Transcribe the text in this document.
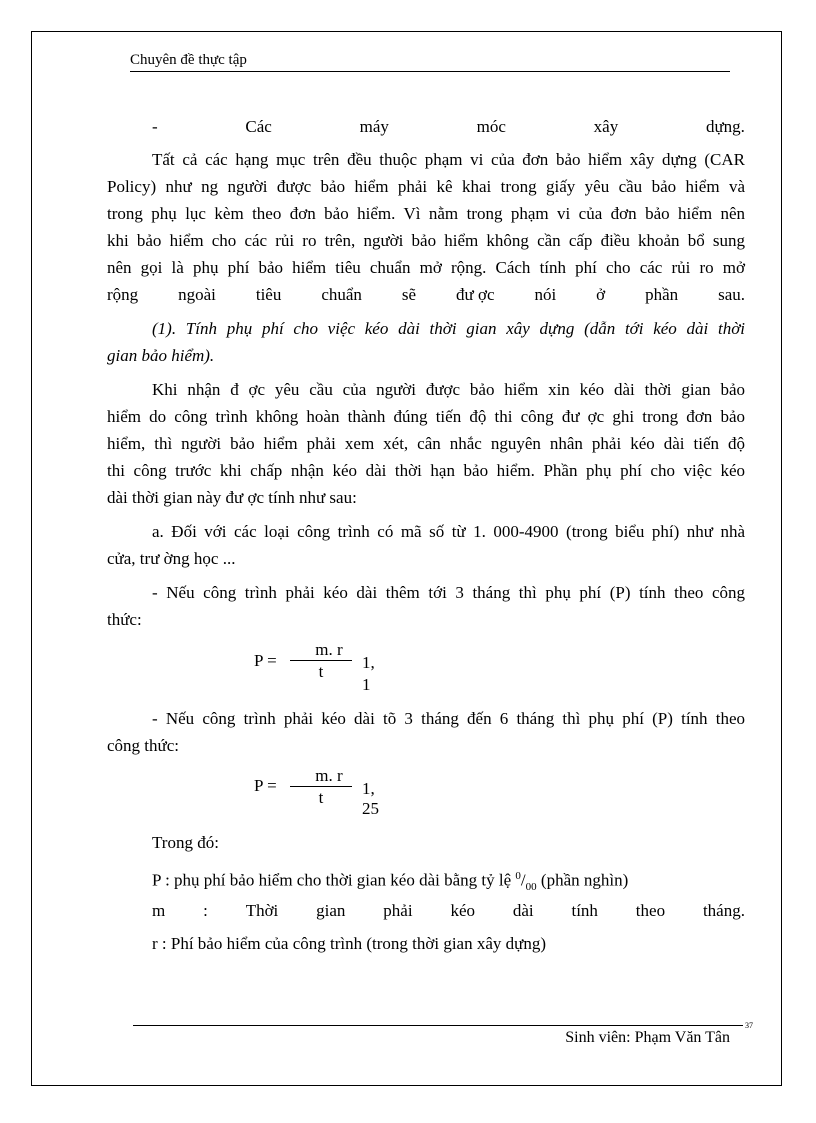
Chuyên đề thực tập
-	Các	máy	móc	xây	dựng.
Tất cả các hạng mục trên đều thuộc phạm vi của đơn bảo hiểm xây dựng (CAR
Policy) như ng người được bảo hiểm phải kê khai trong giấy yêu cầu bảo hiểm và
trong phụ lục kèm theo đơn bảo hiểm. Vì nằm trong phạm vi của đơn bảo hiểm nên
khi bảo hiểm cho các rủi ro trên, người bảo hiểm không cần cấp điều khoản bổ sung
nên gọi là phụ phí bảo hiểm tiêu chuẩn mở rộng. Cách tính phí cho các rủi ro mở
rộng ngoài tiêu chuẩn sẽ đư ợc nói ở phần sau.
(1). Tính phụ phí cho việc kéo dài thời gian xây dựng (dẫn tới kéo dài thời
gian bảo hiểm).
Khi nhận đ ợc yêu cầu của người được bảo hiểm xin kéo dài thời gian bảo
hiểm do công trình không hoàn thành đúng tiến độ thi công đư ợc ghi trong đơn bảo
hiểm, thì người bảo hiểm phải xem xét, cân nhắc nguyên nhân phải kéo dài tiến độ
thi công trước khi chấp nhận kéo dài thời hạn bảo hiểm. Phần phụ phí cho việc kéo
dài thời gian này đư ợc tính như sau:
a. Đối với các loại công trình có mã số từ 1. 000-4900 (trong biểu phí) như nhà
cửa, trư ờng học ...
- Nếu công trình phải kéo dài thêm tới 3 tháng thì phụ phí (P) tính theo công
thức:
P =
m. r
t	1,
1
- Nếu công trình phải kéo dài tõ 3 tháng đến 6 tháng thì phụ phí (P) tính theo
công thức:
P =
m. r
t	1,
25
Trong đó:
P : phụ phí bảo hiểm cho thời gian kéo dài bằng tỷ lệ $^0/_{00}$ (phần nghìn)
m : Thời gian phải kéo dài tính theo tháng.
r : Phí bảo hiểm của công trình (trong thời gian xây dựng)
37
Sinh viên: Phạm Văn Tân
